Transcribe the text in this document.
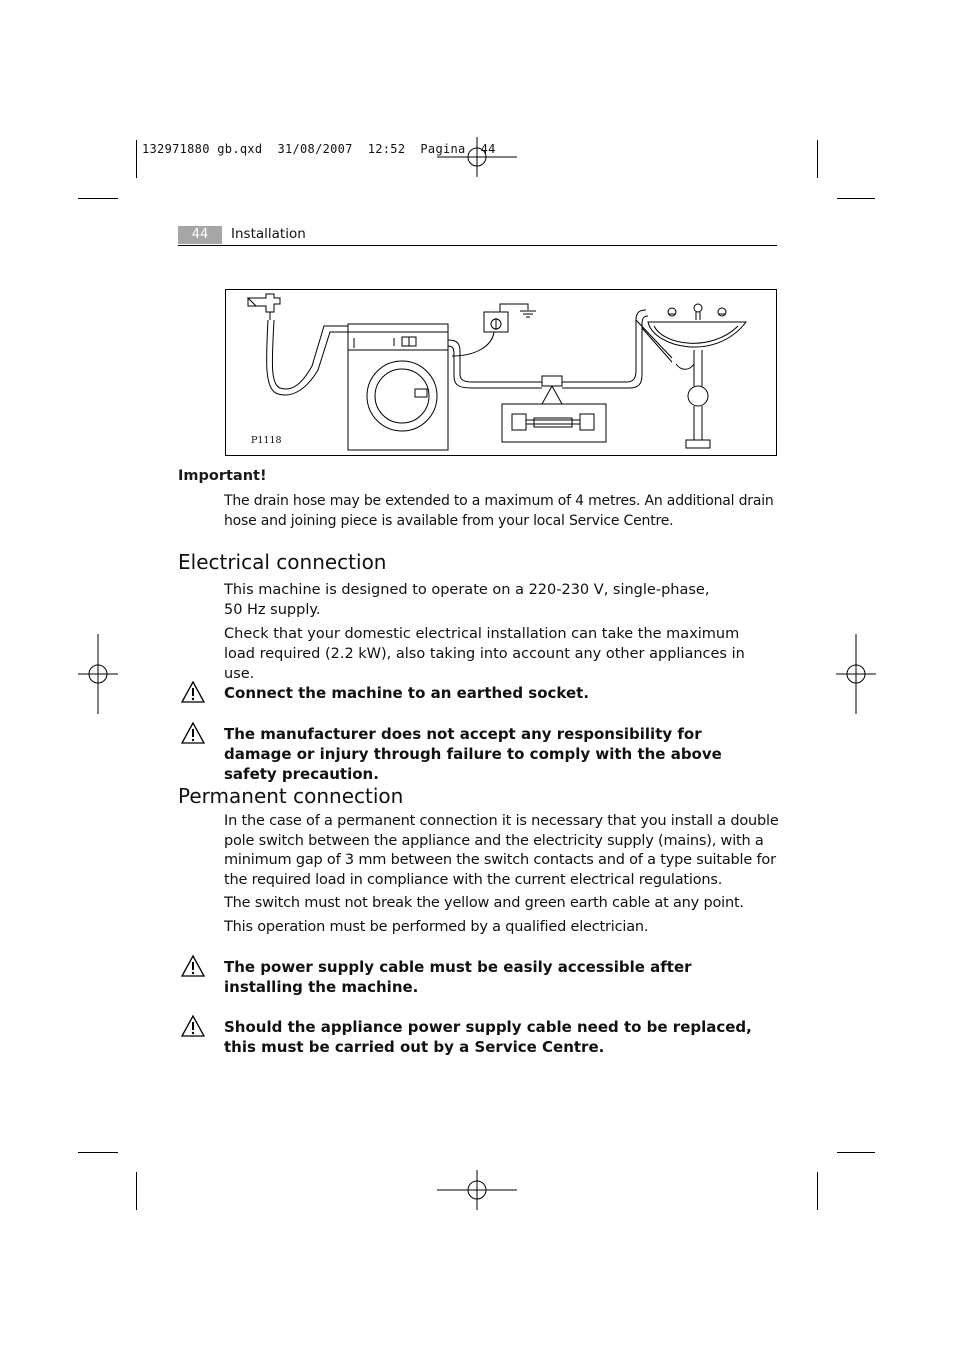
132971880 gb.qxd  31/08/2007  12:52  Pagina  44
44	Installation
P1118
Important!
The drain hose may be extended to a maximum of 4 metres. An additional drain hose and joining piece is available from your local Service Centre.
Electrical connection
This machine is designed to operate on a 220-230 V, single-phase,
50 Hz supply.
Check that your domestic electrical installation can take the maximum load required (2.2 kW), also taking into account any other appliances in use.
Connect the machine to an earthed socket.
The manufacturer does not accept any responsibility for damage or injury through failure to comply with the above safety precaution.
Permanent connection
In the case of a permanent connection it is necessary that you install a double pole switch between the appliance and the electricity supply (mains), with a minimum gap of 3 mm between the switch contacts and of a type suitable for the required load in compliance with the current electrical regulations.
The switch must not break the yellow and green earth cable at any point.
This operation must be performed by a qualified electrician.
The power supply cable must be easily accessible after installing the machine.
Should the appliance power supply cable need to be replaced, this must be carried out by a Service Centre.
